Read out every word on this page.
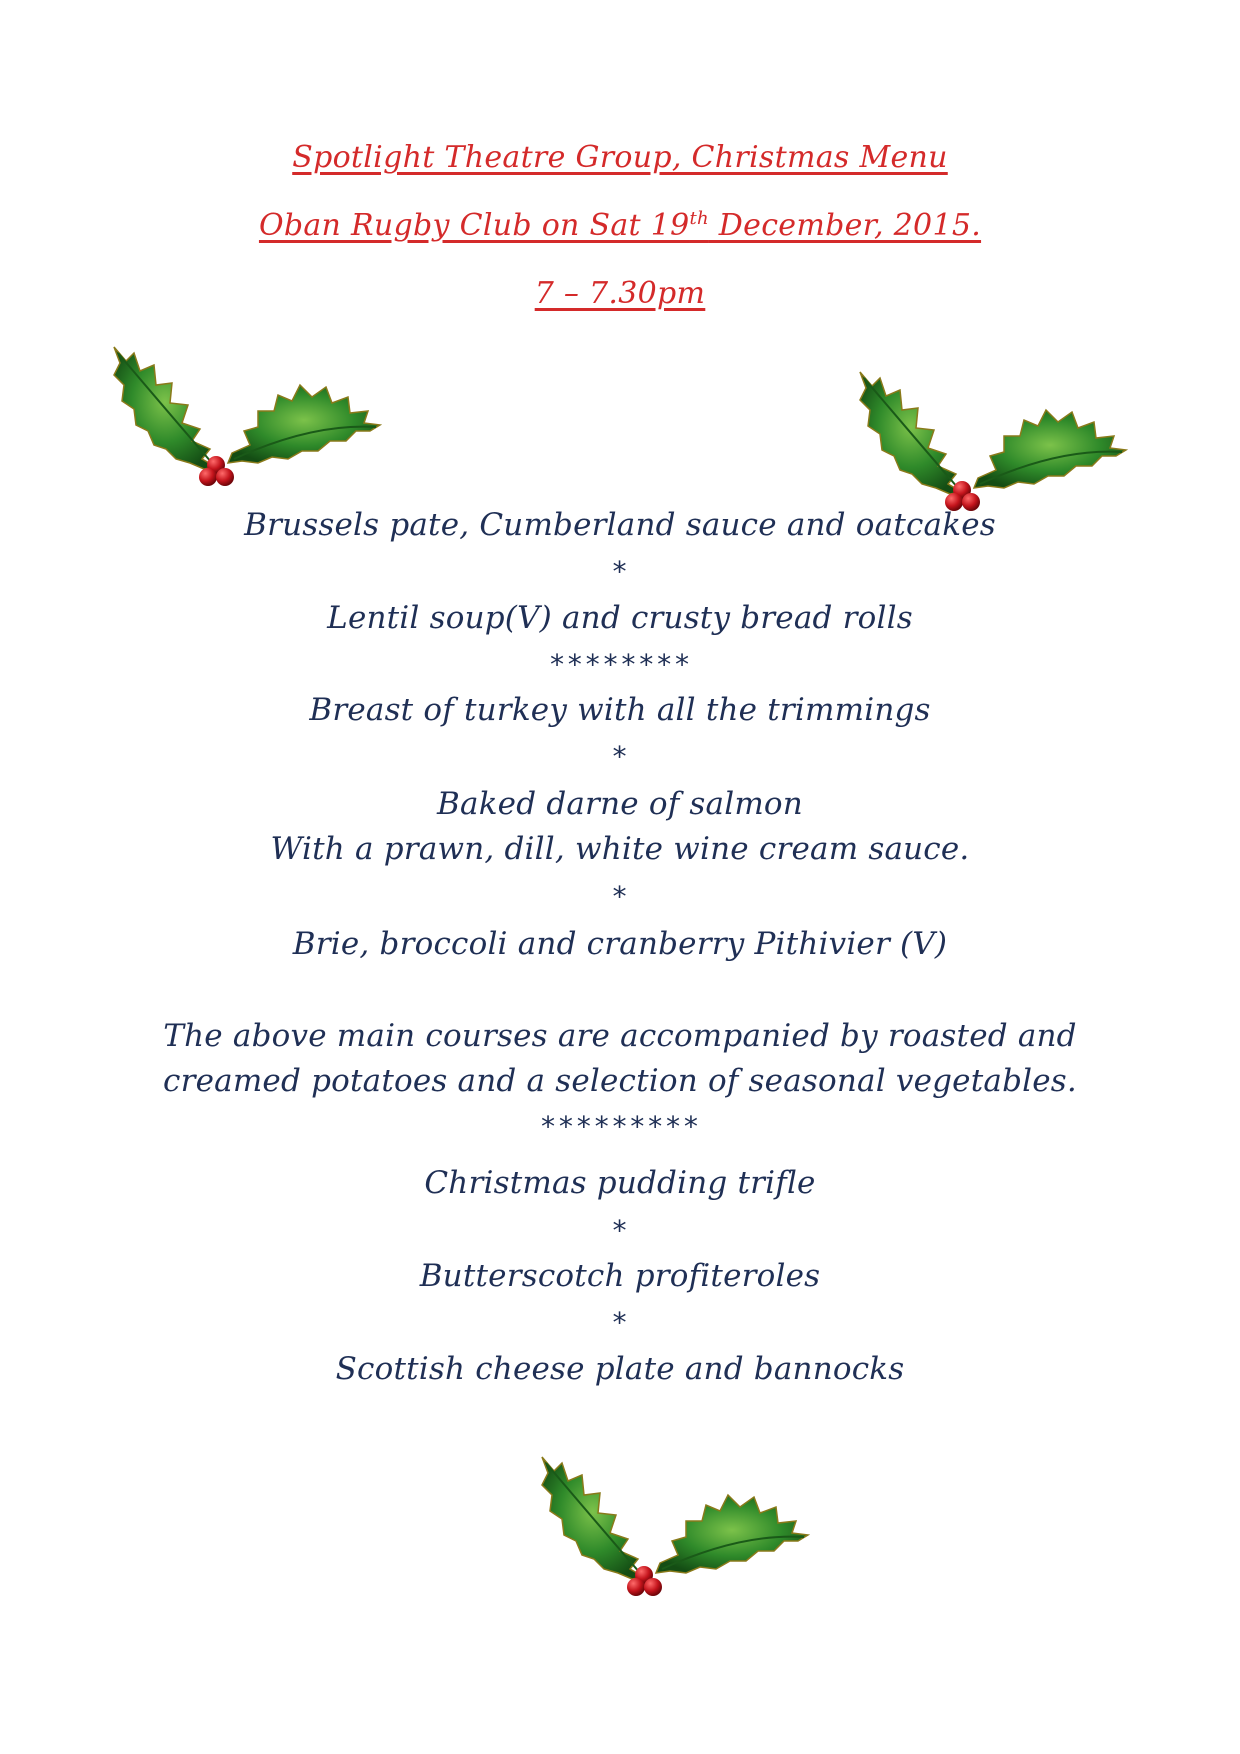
Spotlight Theatre Group, Christmas Menu
Oban Rugby Club on Sat 19th December, 2015.
7 – 7.30pm
Brussels pate, Cumberland sauce and oatcakes
*
Lentil soup(V) and crusty bread rolls
********
Breast of turkey with all the trimmings
*
Baked darne of salmon
With a prawn, dill, white wine cream sauce.
*
Brie, broccoli and cranberry Pithivier (V)
The above main courses are accompanied by roasted and
creamed potatoes and a selection of seasonal vegetables.
*********
Christmas pudding trifle
*
Butterscotch profiteroles
*
Scottish cheese plate and bannocks
